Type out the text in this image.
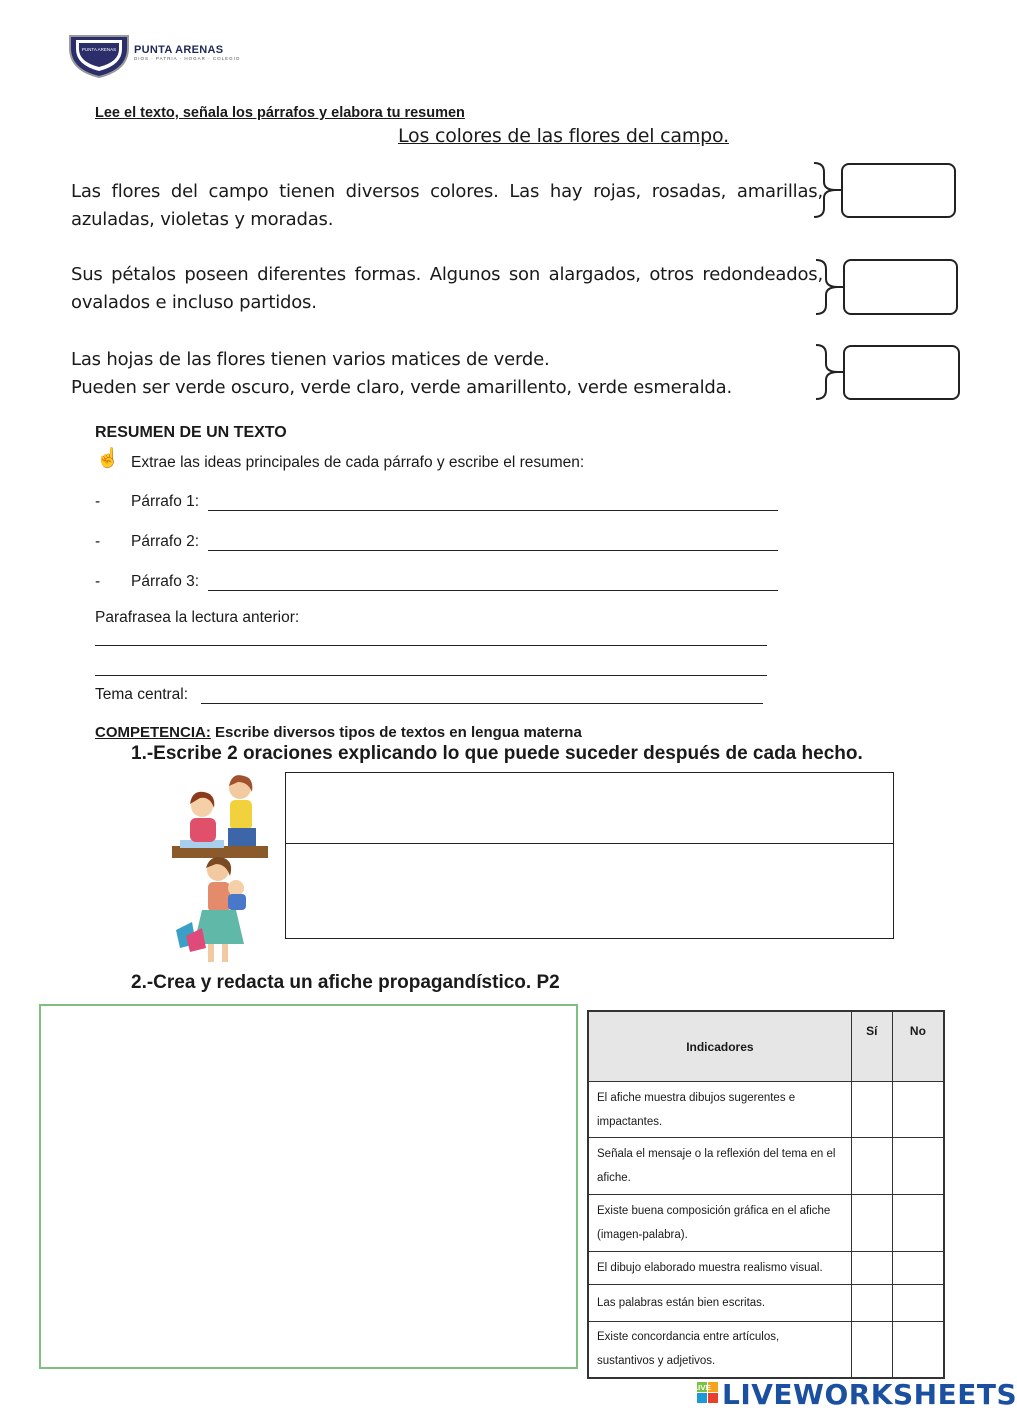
PUNTA ARENAS PUNTA ARENAS
DIOS · PATRIA · HOGAR · COLEGIO
Lee el texto, señala los párrafos y elabora tu resumen
Los colores de las flores del campo.
Las flores del campo tienen diversos colores. Las hay rojas, rosadas, amarillas,
azuladas, violetas y moradas.
Sus pétalos poseen diferentes formas. Algunos son alargados, otros redondeados,
ovalados e incluso partidos.
Las hojas de las flores tienen varios matices de verde.
Pueden ser verde oscuro, verde claro, verde amarillento, verde esmeralda.
RESUMEN DE UN TEXTO
☝ Extrae las ideas principales de cada párrafo y escribe el resumen:
- Párrafo 1:
- Párrafo 2:
- Párrafo 3:
Parafrasea la lectura anterior:
Tema central:
COMPETENCIA: Escribe diversos tipos de textos en lengua materna
1.-Escribe 2 oraciones explicando lo que puede suceder después de cada hecho.
2.-Crea y redacta un afiche propagandístico. P2
Indicadores	Sí	No
El afiche muestra dibujos sugerentes e
impactantes.		
Señala el mensaje o la reflexión del tema en el
afiche.		
Existe buena composición gráfica en el afiche
(imagen-palabra).		
El dibujo elaborado muestra realismo visual.		
Las palabras están bien escritas.		
Existe concordancia entre artículos,
sustantivos y adjetivos.		
LIVE LIVEWORKSHEETS
